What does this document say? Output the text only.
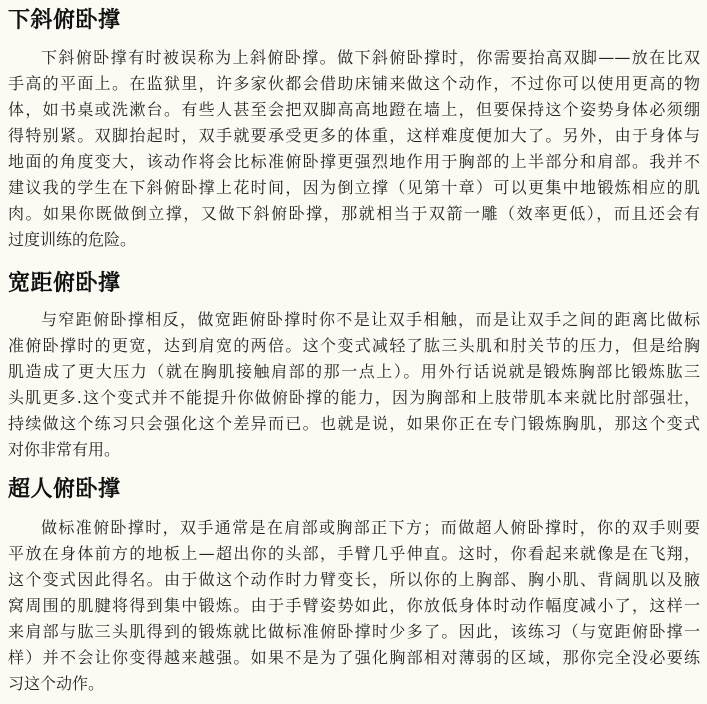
下斜俯卧撑
下斜俯卧撑有时被误称为上斜俯卧撑。做下斜俯卧撑时，你需要抬高双脚——放在比双
手高的平面上。在监狱里，许多家伙都会借助床铺来做这个动作，不过你可以使用更高的物
体，如书桌或洗漱台。有些人甚至会把双脚高高地蹬在墙上，但要保持这个姿势身体必须绷
得特别紧。双脚抬起时，双手就要承受更多的体重，这样难度便加大了。另外，由于身体与
地面的角度变大，该动作将会比标准俯卧撑更强烈地作用于胸部的上半部分和肩部。我并不
建议我的学生在下斜俯卧撑上花时间，因为倒立撑（见第十章）可以更集中地锻炼相应的肌
肉。如果你既做倒立撑，又做下斜俯卧撑，那就相当于双箭一雕（效率更低），而且还会有
过度训练的危险。
宽距俯卧撑
与窄距俯卧撑相反，做宽距俯卧撑时你不是让双手相触，而是让双手之间的距离比做标
准俯卧撑时的更宽，达到肩宽的两倍。这个变式减轻了肱三头肌和肘关节的压力，但是给胸
肌造成了更大压力（就在胸肌接触肩部的那一点上）。用外行话说就是锻炼胸部比锻炼肱三
头肌更多.这个变式并不能提升你做俯卧撑的能力，因为胸部和上肢带肌本来就比肘部强壮，
持续做这个练习只会强化这个差异而已。也就是说，如果你正在专门锻炼胸肌，那这个变式
对你非常有用。
超人俯卧撑
做标准俯卧撑时，双手通常是在肩部或胸部正下方；而做超人俯卧撑时，你的双手则要
平放在身体前方的地板上—超出你的头部，手臂几乎伸直。这时，你看起来就像是在飞翔，
这个变式因此得名。由于做这个动作时力臂变长，所以你的上胸部、胸小肌、背阔肌以及腋
窝周围的肌腱将得到集中锻炼。由于手臂姿势如此，你放低身体时动作幅度减小了，这样一
来肩部与肱三头肌得到的锻炼就比做标准俯卧撑时少多了。因此，该练习（与宽距俯卧撑一
样）并不会让你变得越来越强。如果不是为了强化胸部相对薄弱的区域，那你完全没必要练
习这个动作。
